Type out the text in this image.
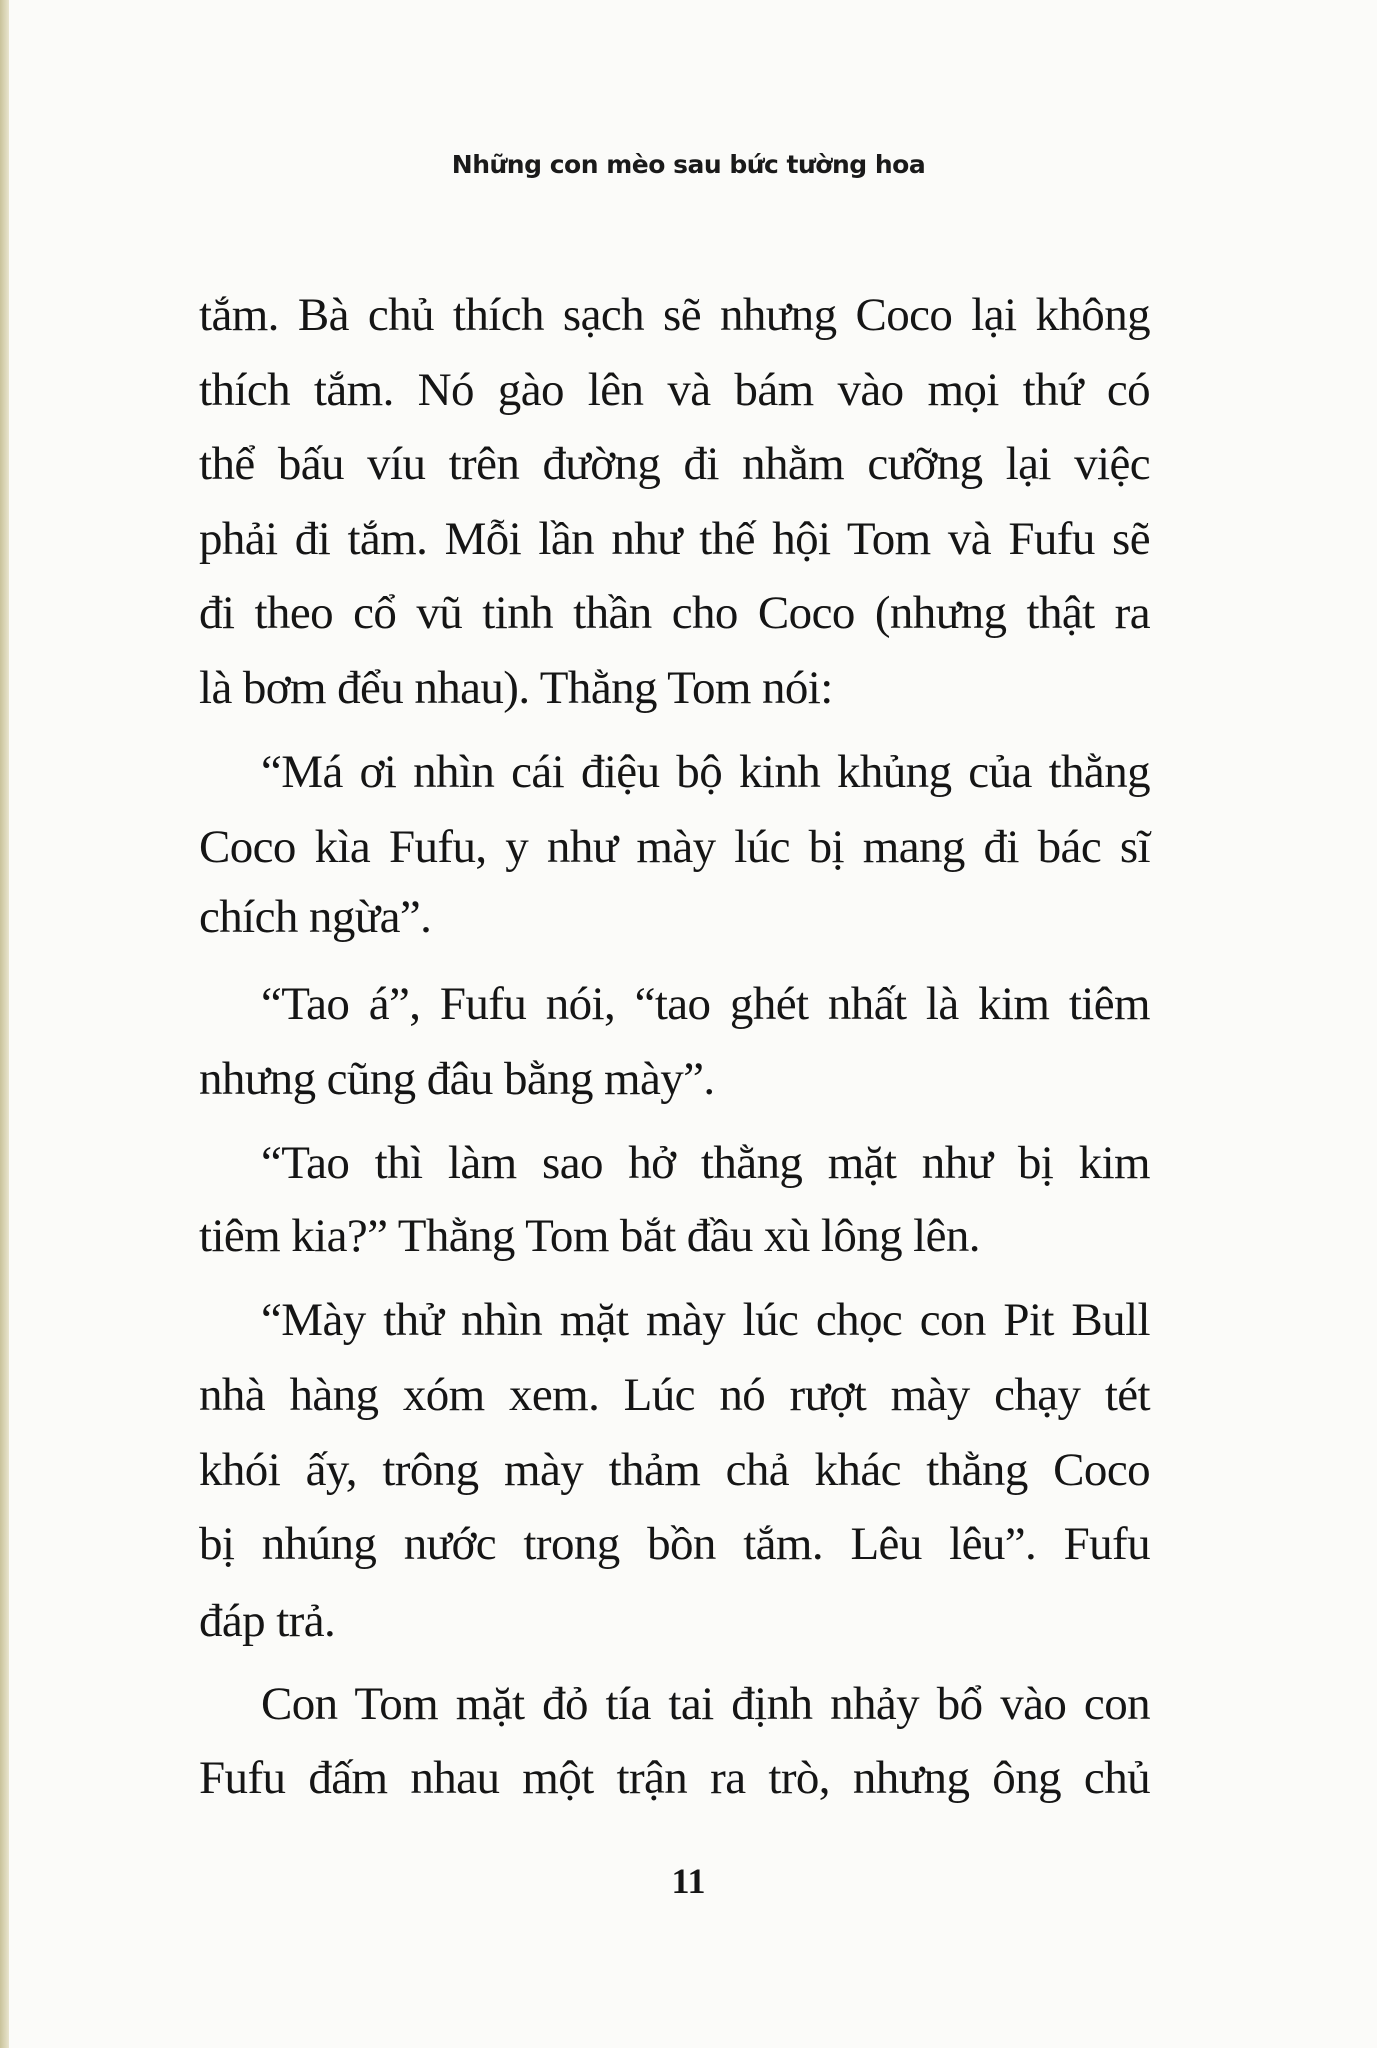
Những con mèo sau bức tường hoa
tắm. Bà chủ thích sạch sẽ nhưng Coco lại không
thích tắm. Nó gào lên và bám vào mọi thứ có
thể bấu víu trên đường đi nhằm cưỡng lại việc
phải đi tắm. Mỗi lần như thế hội Tom và Fufu sẽ
đi theo cổ vũ tinh thần cho Coco (nhưng thật ra
là bơm đểu nhau). Thằng Tom nói:
“Má ơi nhìn cái điệu bộ kinh khủng của thằng
Coco kìa Fufu, y như mày lúc bị mang đi bác sĩ
chích ngừa”.
“Tao á”, Fufu nói, “tao ghét nhất là kim tiêm
nhưng cũng đâu bằng mày”.
“Tao thì làm sao hở thằng mặt như bị kim
tiêm kia?” Thằng Tom bắt đầu xù lông lên.
“Mày thử nhìn mặt mày lúc chọc con Pit Bull
nhà hàng xóm xem. Lúc nó rượt mày chạy tét
khói ấy, trông mày thảm chả khác thằng Coco
bị nhúng nước trong bồn tắm. Lêu lêu”. Fufu
đáp trả.
Con Tom mặt đỏ tía tai định nhảy bổ vào con
Fufu đấm nhau một trận ra trò, nhưng ông chủ
11
